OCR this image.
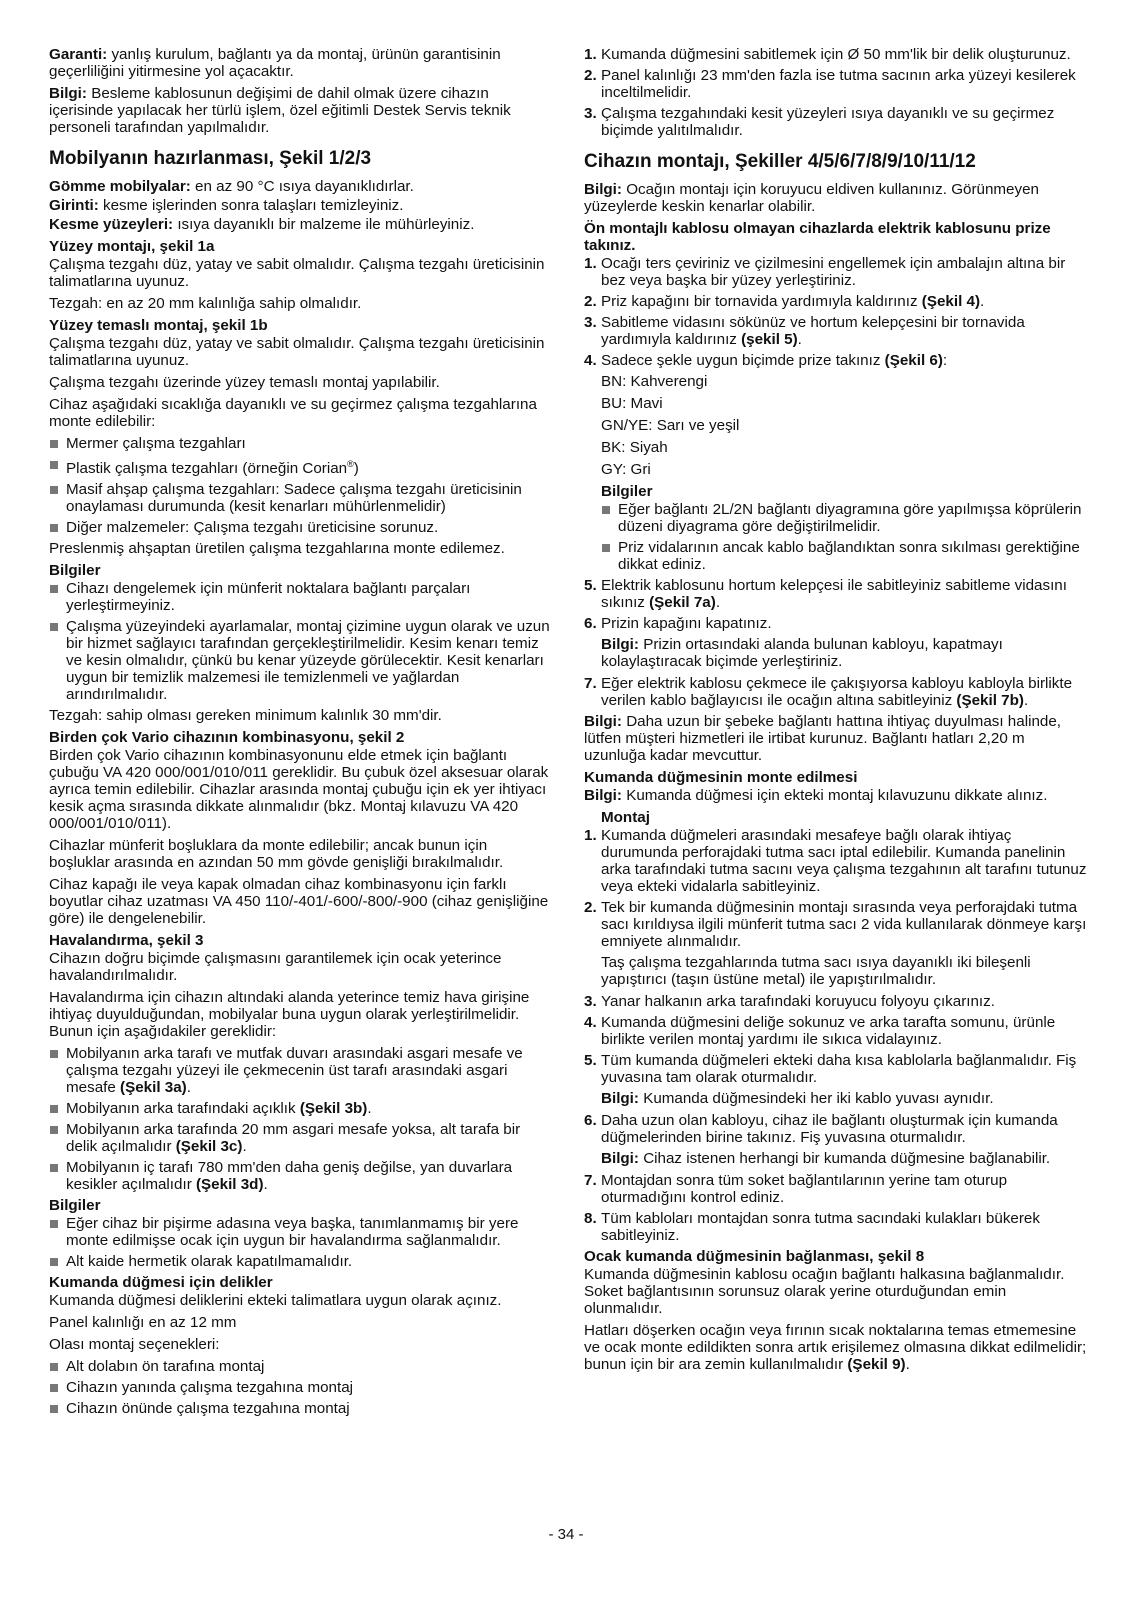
Garanti: yanlış kurulum, bağlantı ya da montaj, ürünün garantisinin geçerliliğini yitirmesine yol açacaktır.

Bilgi: Besleme kablosunun değişimi de dahil olmak üzere cihazın içerisinde yapılacak her türlü işlem, özel eğitimli Destek Servis teknik personeli tarafından yapılmalıdır.

Mobilyanın hazırlanması, Şekil 1/2/3

Gömme mobilyalar: en az 90 °C ısıya dayanıklıdırlar.

Girinti: kesme işlerinden sonra talaşları temizleyiniz.

Kesme yüzeyleri: ısıya dayanıklı bir malzeme ile mühürleyiniz.

Yüzey montajı, şekil 1a

Çalışma tezgahı düz, yatay ve sabit olmalıdır. Çalışma tezgahı üreticisinin talimatlarına uyunuz.

Tezgah: en az 20 mm kalınlığa sahip olmalıdır.

Yüzey temaslı montaj, şekil 1b

Çalışma tezgahı düz, yatay ve sabit olmalıdır. Çalışma tezgahı üreticisinin talimatlarına uyunuz.

Çalışma tezgahı üzerinde yüzey temaslı montaj yapılabilir.

Cihaz aşağıdaki sıcaklığa dayanıklı ve su geçirmez çalışma tezgahlarına monte edilebilir:

Mermer çalışma tezgahları
Plastik çalışma tezgahları (örneğin Corian®)
Masif ahşap çalışma tezgahları: Sadece çalışma tezgahı üreticisinin onaylaması durumunda (kesit kenarları mühürlenmelidir)
Diğer malzemeler: Çalışma tezgahı üreticisine sorunuz.

Preslenmiş ahşaptan üretilen çalışma tezgahlarına monte edilemez.

Bilgiler
Cihazı dengelemek için münferit noktalara bağlantı parçaları yerleştirmeyiniz.
Çalışma yüzeyindeki ayarlamalar, montaj çizimine uygun olarak ve uzun bir hizmet sağlayıcı tarafından gerçekleştirilmelidir. Kesim kenarı temiz ve kesin olmalıdır, çünkü bu kenar yüzeyde görülecektir. Kesit kenarları uygun bir temizlik malzemesi ile temizlenmeli ve yağlardan arındırılmalıdır.

Tezgah: sahip olması gereken minimum kalınlık 30 mm'dir.

Birden çok Vario cihazının kombinasyonu, şekil 2

Birden çok Vario cihazının kombinasyonunu elde etmek için bağlantı çubuğu VA 420 000/001/010/011 gereklidir. Bu çubuk özel aksesuar olarak ayrıca temin edilebilir. Cihazlar arasında montaj çubuğu için ek yer ihtiyacı kesik açma sırasında dikkate alınmalıdır (bkz. Montaj kılavuzu VA 420 000/001/010/011).

Cihazlar münferit boşluklara da monte edilebilir; ancak bunun için boşluklar arasında en azından 50 mm gövde genişliği bırakılmalıdır.

Cihaz kapağı ile veya kapak olmadan cihaz kombinasyonu için farklı boyutlar cihaz uzatması VA 450 110/-401/-600/-800/-900 (cihaz genişliğine göre) ile dengelenebilir.

Havalandırma, şekil 3

Cihazın doğru biçimde çalışmasını garantilemek için ocak yeterince havalandırılmalıdır.

Havalandırma için cihazın altındaki alanda yeterince temiz hava girişine ihtiyaç duyulduğundan, mobilyalar buna uygun olarak yerleştirilmelidir. Bunun için aşağıdakiler gereklidir:

Mobilyanın arka tarafı ve mutfak duvarı arasındaki asgari mesafe ve çalışma tezgahı yüzeyi ile çekmecenin üst tarafı arasındaki asgari mesafe (Şekil 3a).
Mobilyanın arka tarafındaki açıklık (Şekil 3b).
Mobilyanın arka tarafında 20 mm asgari mesafe yoksa, alt tarafa bir delik açılmalıdır (Şekil 3c).
Mobilyanın iç tarafı 780 mm'den daha geniş değilse, yan duvarlara kesikler açılmalıdır (Şekil 3d).
Bilgiler
Eğer cihaz bir pişirme adasına veya başka, tanımlanmamış bir yere monte edilmişse ocak için uygun bir havalandırma sağlanmalıdır.
Alt kaide hermetik olarak kapatılmamalıdır.
Kumanda düğmesi için delikler

Kumanda düğmesi deliklerini ekteki talimatlara uygun olarak açınız.

Panel kalınlığı en az 12 mm

Olası montaj seçenekleri:

Alt dolabın ön tarafına montaj
Cihazın yanında çalışma tezgahına montaj
Cihazın önünde çalışma tezgahına montaj
1. Kumanda düğmesini sabitlemek için Ø 50 mm'lik bir delik oluşturunuz.
2. Panel kalınlığı 23 mm'den fazla ise tutma sacının arka yüzeyi kesilerek inceltilmelidir.
3. Çalışma tezgahındaki kesit yüzeyleri ısıya dayanıklı ve su geçirmez biçimde yalıtılmalıdır.
Cihazın montajı, Şekiller 4/5/6/7/8/9/10/11/12

Bilgi: Ocağın montajı için koruyucu eldiven kullanınız. Görünmeyen yüzeylerde keskin kenarlar olabilir.

Ön montajlı kablosu olmayan cihazlarda elektrik kablosunu prize takınız.
1. Ocağı ters çeviriniz ve çizilmesini engellemek için ambalajın altına bir bez veya başka bir yüzey yerleştiriniz.
2. Priz kapağını bir tornavida yardımıyla kaldırınız (Şekil 4).
3. Sabitleme vidasını sökünüz ve hortum kelepçesini bir tornavida yardımıyla kaldırınız (şekil 5).
4. Sadece şekle uygun biçimde prize takınız (Şekil 6):

BN: Kahverengi

BU: Mavi

GN/YE: Sarı ve yeşil

BK: Siyah

GY: Gri

Bilgiler
Eğer bağlantı 2L/2N bağlantı diyagramına göre yapılmışsa köprülerin düzeni diyagrama göre değiştirilmelidir.
Priz vidalarının ancak kablo bağlandıktan sonra sıkılması gerektiğine dikkat ediniz.
5. Elektrik kablosunu hortum kelepçesi ile sabitleyiniz sabitleme vidasını sıkınız (Şekil 7a).
6. Prizin kapağını kapatınız.

Bilgi: Prizin ortasındaki alanda bulunan kabloyu, kapatmayı kolaylaştıracak biçimde yerleştiriniz.

7. Eğer elektrik kablosu çekmece ile çakışıyorsa kabloyu kabloyla birlikte verilen kablo bağlayıcısı ile ocağın altına sabitleyiniz (Şekil 7b).

Bilgi: Daha uzun bir şebeke bağlantı hattına ihtiyaç duyulması halinde, lütfen müşteri hizmetleri ile irtibat kurunuz. Bağlantı hatları 2,20 m uzunluğa kadar mevcuttur.

Kumanda düğmesinin monte edilmesi

Bilgi: Kumanda düğmesi için ekteki montaj kılavuzunu dikkate alınız.

Montaj
1. Kumanda düğmeleri arasındaki mesafeye bağlı olarak ihtiyaç durumunda perforajdaki tutma sacı iptal edilebilir. Kumanda panelinin arka tarafındaki tutma sacını veya çalışma tezgahının alt tarafını tutunuz veya ekteki vidalarla sabitleyiniz.
2. Tek bir kumanda düğmesinin montajı sırasında veya perforajdaki tutma sacı kırıldıysa ilgili münferit tutma sacı 2 vida kullanılarak dönmeye karşı emniyete alınmalıdır.

Taş çalışma tezgahlarında tutma sacı ısıya dayanıklı iki bileşenli yapıştırıcı (taşın üstüne metal) ile yapıştırılmalıdır.

3. Yanar halkanın arka tarafındaki koruyucu folyoyu çıkarınız.
4. Kumanda düğmesini deliğe sokunuz ve arka tarafta somunu, ürünle birlikte verilen montaj yardımı ile sıkıca vidalayınız.
5. Tüm kumanda düğmeleri ekteki daha kısa kablolarla bağlanmalıdır. Fiş yuvasına tam olarak oturmalıdır.

Bilgi: Kumanda düğmesindeki her iki kablo yuvası aynıdır.

6. Daha uzun olan kabloyu, cihaz ile bağlantı oluşturmak için kumanda düğmelerinden birine takınız. Fiş yuvasına oturmalıdır.

Bilgi: Cihaz istenen herhangi bir kumanda düğmesine bağlanabilir.

7. Montajdan sonra tüm soket bağlantılarının yerine tam oturup oturmadığını kontrol ediniz.
8. Tüm kabloları montajdan sonra tutma sacındaki kulakları bükerek sabitleyiniz.
Ocak kumanda düğmesinin bağlanması, şekil 8

Kumanda düğmesinin kablosu ocağın bağlantı halkasına bağlanmalıdır. Soket bağlantısının sorunsuz olarak yerine oturduğundan emin olunmalıdır.

Hatları döşerken ocağın veya fırının sıcak noktalarına temas etmemesine ve ocak monte edildikten sonra artık erişilemez olmasına dikkat edilmelidir; bunun için bir ara zemin kullanılmalıdır (Şekil 9).

- 34 -
